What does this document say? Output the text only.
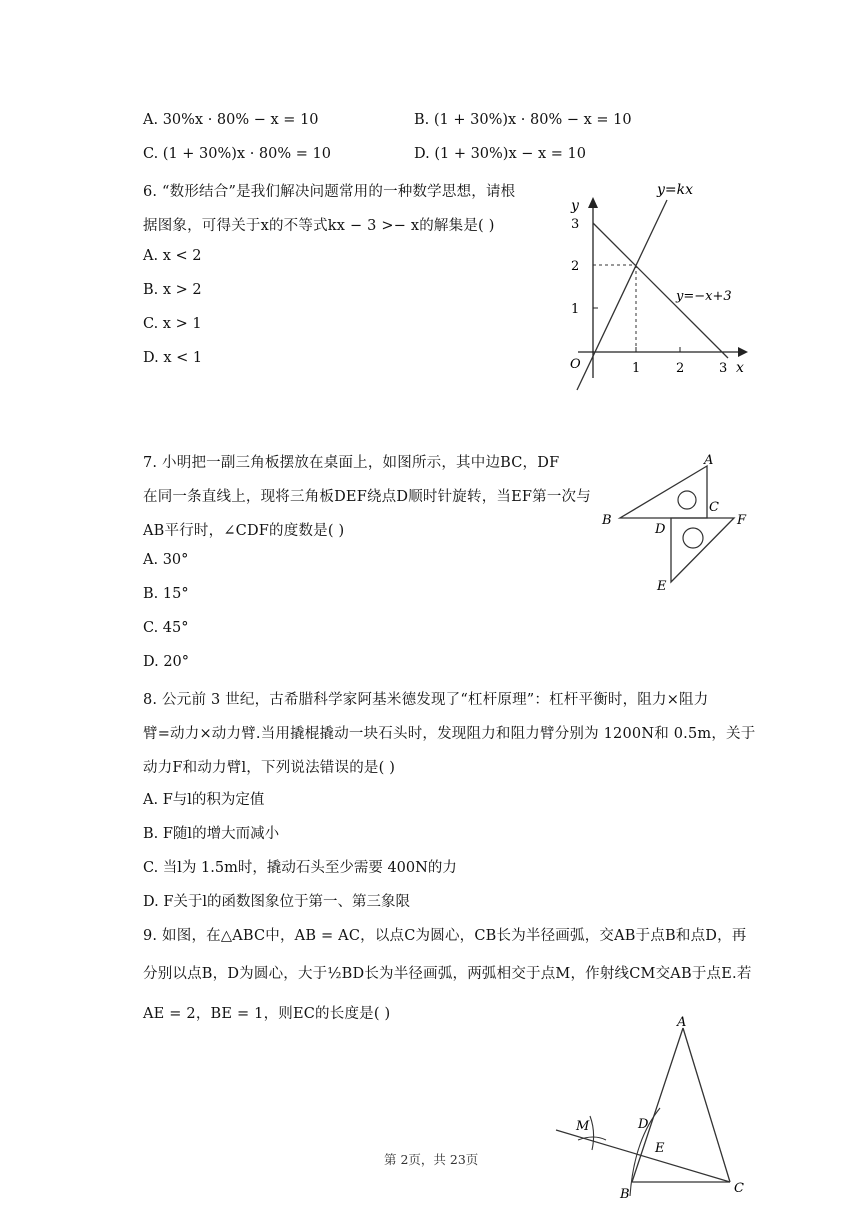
A. 30%x · 80% − x = 10	B. (1 + 30%)x · 80% − x = 10
C. (1 + 30%)x · 80% = 10	D. (1 + 30%)x − x = 10
6. “数形结合”是我们解决问题常用的一种数学思想，请根
据图象，可得关于x的不等式kx − 3 >− x的解集是( )
A. x < 2
B. x > 2
C. x > 1
D. x < 1
y
y=kx
3
2
1
y=−x+3
O	1	2	3 x
7. 小明把一副三角板摆放在桌面上，如图所示，其中边BC，DF
在同一条直线上，现将三角板DEF绕点D顺时针旋转，当EF第一次与
AB平行时，∠CDF的度数是( )
A. 30°
B. 15°
C. 45°
D. 20°
A
B
C
D
F
E
8. 公元前 3 世纪，古希腊科学家阿基米德发现了“杠杆原理”：杠杆平衡时，阻力×阻力
臂=动力×动力臂.当用撬棍撬动一块石头时，发现阻力和阻力臂分别为 1200N和 0.5m，关于
动力F和动力臂l，下列说法错误的是( )
A. F与l的积为定值
B. F随l的增大而减小
C. 当l为 1.5m时，撬动石头至少需要 400N的力
D. F关于l的函数图象位于第一、第三象限
9. 如图，在△ABC中，AB = AC，以点C为圆心，CB长为半径画弧，交AB于点B和点D，再
分别以点B，D为圆心，大于½BD长为半径画弧，两弧相交于点M，作射线CM交AB于点E.若
AE = 2，BE = 1，则EC的长度是( )
A
M	D
E
B	C
第 2页，共 23页
